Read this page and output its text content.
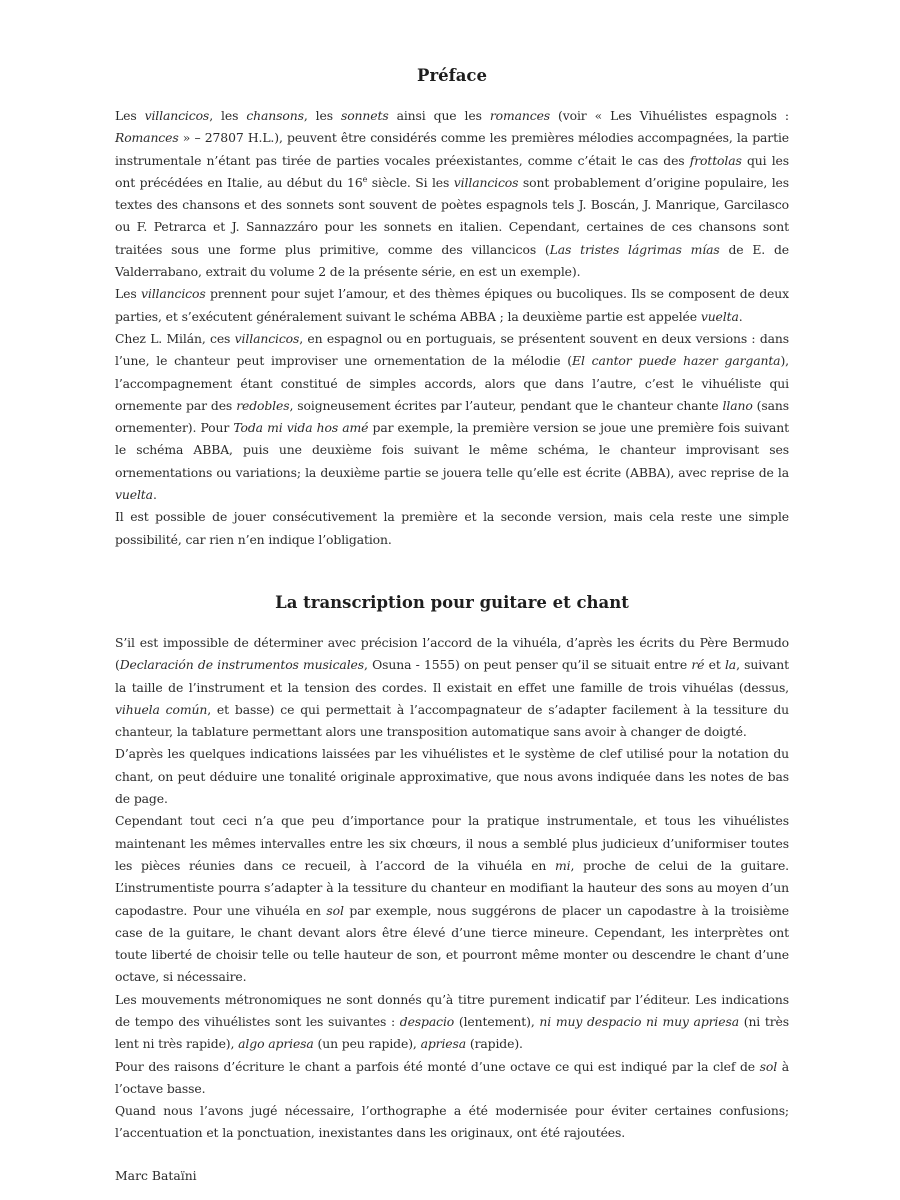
Préface

Les villancicos, les chansons, les sonnets ainsi que les romances (voir « Les Vihuélistes espagnols : Romances » – 27807 H.L.), peuvent être considérés comme les premières mélodies accompagnées, la partie instrumentale n’étant pas tirée de parties vocales préexistantes, comme c’était le cas des frottolas qui les ont précédées en Italie, au début du 16e siècle. Si les villancicos sont probablement d’origine populaire, les textes des chansons et des sonnets sont souvent de poètes espagnols tels J. Boscán, J. Manrique, Garcilasco ou F. Petrarca et J. Sannazzáro pour les sonnets en italien. Cependant, certaines de ces chansons sont traitées sous une forme plus primitive, comme des villancicos (Las tristes lágrimas mías de E. de Valderrabano, extrait du volume 2 de la présente série, en est un exemple).

Les villancicos prennent pour sujet l’amour, et des thèmes épiques ou bucoliques. Ils se composent de deux parties, et s’exécutent généralement suivant le schéma ABBA ; la deuxième partie est appelée vuelta.

Chez L. Milán, ces villancicos, en espagnol ou en portuguais, se présentent souvent en deux versions : dans l’une, le chanteur peut improviser une ornementation de la mélodie (El cantor puede hazer garganta), l’accompagnement étant constitué de simples accords, alors que dans l’autre, c’est le vihuéliste qui ornemente par des redobles, soigneusement écrites par l’auteur, pendant que le chanteur chante llano (sans ornementer). Pour Toda mi vida hos amé par exemple, la première version se joue une première fois suivant le schéma ABBA, puis une deuxième fois suivant le même schéma, le chanteur improvisant ses ornementations ou variations; la deuxième partie se jouera telle qu’elle est écrite (ABBA), avec reprise de la vuelta.

Il est possible de jouer consécutivement la première et la seconde version, mais cela reste une simple possibilité, car rien n’en indique l’obligation.

La transcription pour guitare et chant

S’il est impossible de déterminer avec précision l’accord de la vihuéla, d’après les écrits du Père Bermudo (Declaración de instrumentos musicales, Osuna - 1555) on peut penser qu’il se situait entre ré et la, suivant la taille de l’instrument et la tension des cordes. Il existait en effet une famille de trois vihuélas (dessus, vihuela común, et basse) ce qui permettait à l’accompagnateur de s’adapter facilement à la tessiture du chanteur, la tablature permettant alors une transposition automatique sans avoir à changer de doigté.

D’après les quelques indications laissées par les vihuélistes et le système de clef utilisé pour la notation du chant, on peut déduire une tonalité originale approximative, que nous avons indiquée dans les notes de bas de page.

Cependant tout ceci n’a que peu d’importance pour la pratique instrumentale, et tous les vihuélistes maintenant les mêmes intervalles entre les six chœurs, il nous a semblé plus judicieux d’uniformiser toutes les pièces réunies dans ce recueil, à l’accord de la vihuéla en mi, proche de celui de la guitare. L’instrumentiste pourra s’adapter à la tessiture du chanteur en modifiant la hauteur des sons au moyen d’un capodastre. Pour une vihuéla en sol par exemple, nous suggérons de placer un capodastre à la troisième case de la guitare, le chant devant alors être élevé d’une tierce mineure. Cependant, les interprètes ont toute liberté de choisir telle ou telle hauteur de son, et pourront même monter ou descendre le chant d’une octave, si nécessaire.

Les mouvements métronomiques ne sont donnés qu’à titre purement indicatif par l’éditeur. Les indications de tempo des vihuélistes sont les suivantes : despacio (lentement), ni muy despacio ni muy apriesa (ni très lent ni très rapide), algo apriesa (un peu rapide), apriesa (rapide).

Pour des raisons d’écriture le chant a parfois été monté d’une octave ce qui est indiqué par la clef de sol à l’octave basse.

Quand nous l’avons jugé nécessaire, l’orthographe a été modernisée pour éviter certaines confusions; l’accentuation et la ponctuation, inexistantes dans les originaux, ont été rajoutées.

Marc Bataïni
